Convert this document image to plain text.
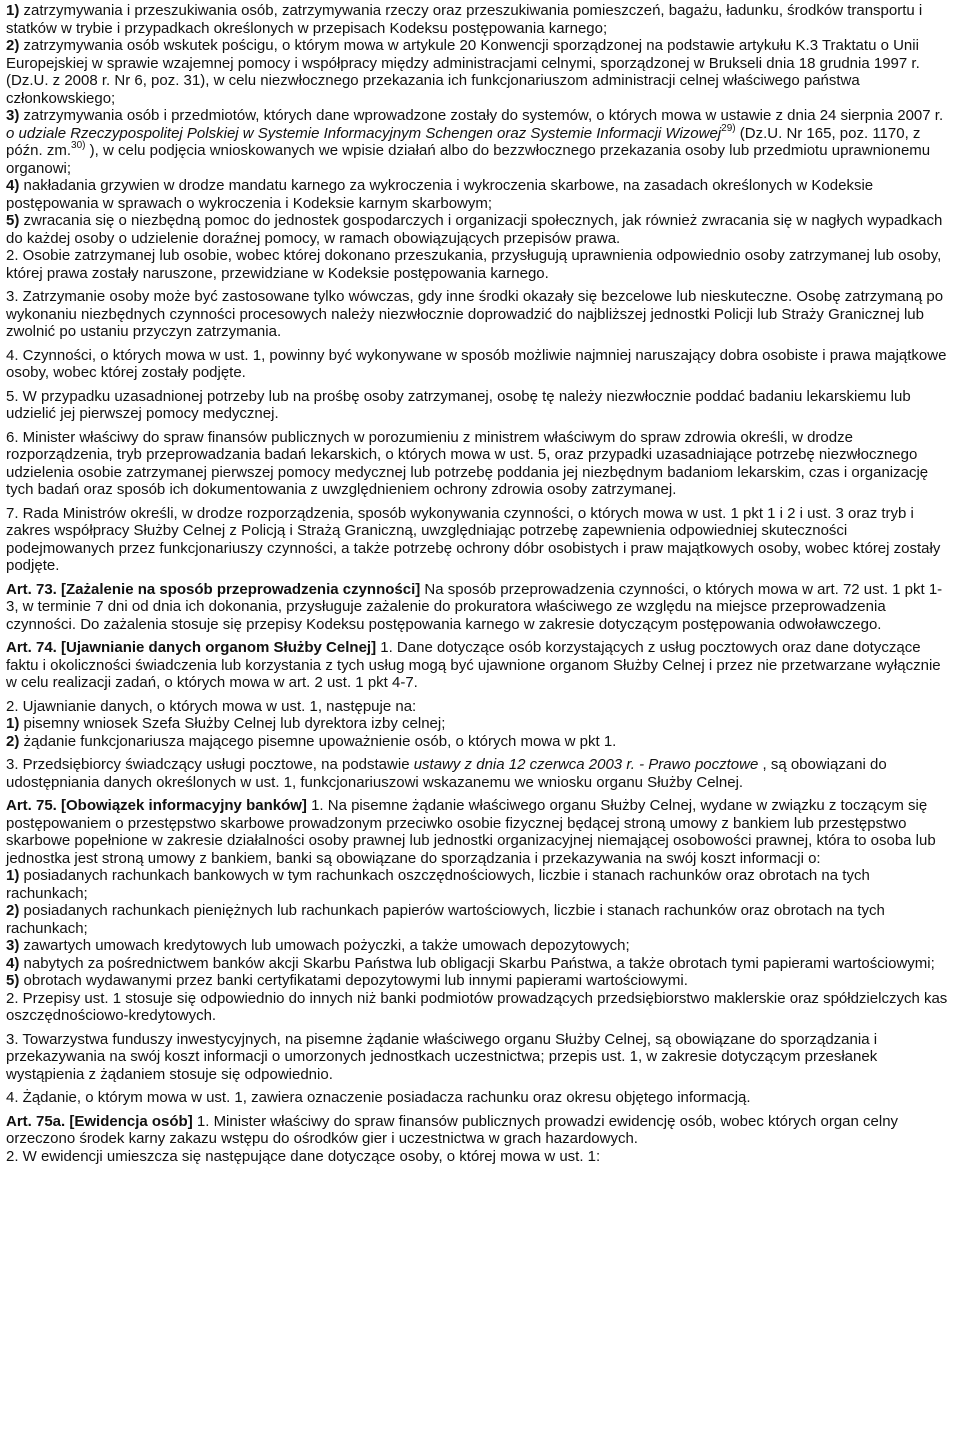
1) zatrzymywania i przeszukiwania osób, zatrzymywania rzeczy oraz przeszukiwania pomieszczeń, bagażu, ładunku, środków transportu i statków w trybie i przypadkach określonych w przepisach Kodeksu postępowania karnego;

2) zatrzymywania osób wskutek pościgu, o którym mowa w artykule 20 Konwencji sporządzonej na podstawie artykułu K.3 Traktatu o Unii Europejskiej w sprawie wzajemnej pomocy i współpracy między administracjami celnymi, sporządzonej w Brukseli dnia 18 grudnia 1997 r. (Dz.U. z 2008 r. Nr 6, poz. 31), w celu niezwłocznego przekazania ich funkcjonariuszom administracji celnej właściwego państwa członkowskiego;

3) zatrzymywania osób i przedmiotów, których dane wprowadzone zostały do systemów, o których mowa w ustawie z dnia 24 sierpnia 2007 r. o udziale Rzeczypospolitej Polskiej w Systemie Informacyjnym Schengen oraz Systemie Informacji Wizowej$^{29)}$ (Dz.U. Nr 165, poz. 1170, z późn. zm.$^{30)}$ ), w celu podjęcia wnioskowanych we wpisie działań albo do bezzwłocznego przekazania osoby lub przedmiotu uprawnionemu organowi;

4) nakładania grzywien w drodze mandatu karnego za wykroczenia i wykroczenia skarbowe, na zasadach określonych w Kodeksie postępowania w sprawach o wykroczenia i Kodeksie karnym skarbowym;

5) zwracania się o niezbędną pomoc do jednostek gospodarczych i organizacji społecznych, jak również zwracania się w nagłych wypadkach do każdej osoby o udzielenie doraźnej pomocy, w ramach obowiązujących przepisów prawa.

2. Osobie zatrzymanej lub osobie, wobec której dokonano przeszukania, przysługują uprawnienia odpowiednio osoby zatrzymanej lub osoby, której prawa zostały naruszone, przewidziane w Kodeksie postępowania karnego.

3. Zatrzymanie osoby może być zastosowane tylko wówczas, gdy inne środki okazały się bezcelowe lub nieskuteczne. Osobę zatrzymaną po wykonaniu niezbędnych czynności procesowych należy niezwłocznie doprowadzić do najbliższej jednostki Policji lub Straży Granicznej lub zwolnić po ustaniu przyczyn zatrzymania.

4. Czynności, o których mowa w ust. 1, powinny być wykonywane w sposób możliwie najmniej naruszający dobra osobiste i prawa majątkowe osoby, wobec której zostały podjęte.

5. W przypadku uzasadnionej potrzeby lub na prośbę osoby zatrzymanej, osobę tę należy niezwłocznie poddać badaniu lekarskiemu lub udzielić jej pierwszej pomocy medycznej.

6. Minister właściwy do spraw finansów publicznych w porozumieniu z ministrem właściwym do spraw zdrowia określi, w drodze rozporządzenia, tryb przeprowadzania badań lekarskich, o których mowa w ust. 5, oraz przypadki uzasadniające potrzebę niezwłocznego udzielenia osobie zatrzymanej pierwszej pomocy medycznej lub potrzebę poddania jej niezbędnym badaniom lekarskim, czas i organizację tych badań oraz sposób ich dokumentowania z uwzględnieniem ochrony zdrowia osoby zatrzymanej.

7. Rada Ministrów określi, w drodze rozporządzenia, sposób wykonywania czynności, o których mowa w ust. 1 pkt 1 i 2 i ust. 3 oraz tryb i zakres współpracy Służby Celnej z Policją i Strażą Graniczną, uwzględniając potrzebę zapewnienia odpowiedniej skuteczności podejmowanych przez funkcjonariuszy czynności, a także potrzebę ochrony dóbr osobistych i praw majątkowych osoby, wobec której zostały podjęte.

Art. 73. [Zażalenie na sposób przeprowadzenia czynności] Na sposób przeprowadzenia czynności, o których mowa w art. 72 ust. 1 pkt 1-3, w terminie 7 dni od dnia ich dokonania, przysługuje zażalenie do prokuratora właściwego ze względu na miejsce przeprowadzenia czynności. Do zażalenia stosuje się przepisy Kodeksu postępowania karnego w zakresie dotyczącym postępowania odwoławczego.

Art. 74. [Ujawnianie danych organom Służby Celnej] 1. Dane dotyczące osób korzystających z usług pocztowych oraz dane dotyczące faktu i okoliczności świadczenia lub korzystania z tych usług mogą być ujawnione organom Służby Celnej i przez nie przetwarzane wyłącznie w celu realizacji zadań, o których mowa w art. 2 ust. 1 pkt 4-7.

2. Ujawnianie danych, o których mowa w ust. 1, następuje na:

1) pisemny wniosek Szefa Służby Celnej lub dyrektora izby celnej;

2) żądanie funkcjonariusza mającego pisemne upoważnienie osób, o których mowa w pkt 1.

3. Przedsiębiorcy świadczący usługi pocztowe, na podstawie ustawy z dnia 12 czerwca 2003 r. - Prawo pocztowe , są obowiązani do udostępniania danych określonych w ust. 1, funkcjonariuszowi wskazanemu we wniosku organu Służby Celnej.

Art. 75. [Obowiązek informacyjny banków] 1. Na pisemne żądanie właściwego organu Służby Celnej, wydane w związku z toczącym się postępowaniem o przestępstwo skarbowe prowadzonym przeciwko osobie fizycznej będącej stroną umowy z bankiem lub przestępstwo skarbowe popełnione w zakresie działalności osoby prawnej lub jednostki organizacyjnej niemającej osobowości prawnej, która to osoba lub jednostka jest stroną umowy z bankiem, banki są obowiązane do sporządzania i przekazywania na swój koszt informacji o:

1) posiadanych rachunkach bankowych w tym rachunkach oszczędnościowych, liczbie i stanach rachunków oraz obrotach na tych rachunkach;

2) posiadanych rachunkach pieniężnych lub rachunkach papierów wartościowych, liczbie i stanach rachunków oraz obrotach na tych rachunkach;

3) zawartych umowach kredytowych lub umowach pożyczki, a także umowach depozytowych;

4) nabytych za pośrednictwem banków akcji Skarbu Państwa lub obligacji Skarbu Państwa, a także obrotach tymi papierami wartościowymi;

5) obrotach wydawanymi przez banki certyfikatami depozytowymi lub innymi papierami wartościowymi.

2. Przepisy ust. 1 stosuje się odpowiednio do innych niż banki podmiotów prowadzących przedsiębiorstwo maklerskie oraz spółdzielczych kas oszczędnościowo-kredytowych.

3. Towarzystwa funduszy inwestycyjnych, na pisemne żądanie właściwego organu Służby Celnej, są obowiązane do sporządzania i przekazywania na swój koszt informacji o umorzonych jednostkach uczestnictwa; przepis ust. 1, w zakresie dotyczącym przesłanek wystąpienia z żądaniem stosuje się odpowiednio.

4. Żądanie, o którym mowa w ust. 1, zawiera oznaczenie posiadacza rachunku oraz okresu objętego informacją.

Art. 75a. [Ewidencja osób] 1. Minister właściwy do spraw finansów publicznych prowadzi ewidencję osób, wobec których organ celny orzeczono środek karny zakazu wstępu do ośrodków gier i uczestnictwa w grach hazardowych.

2. W ewidencji umieszcza się następujące dane dotyczące osoby, o której mowa w ust. 1:
